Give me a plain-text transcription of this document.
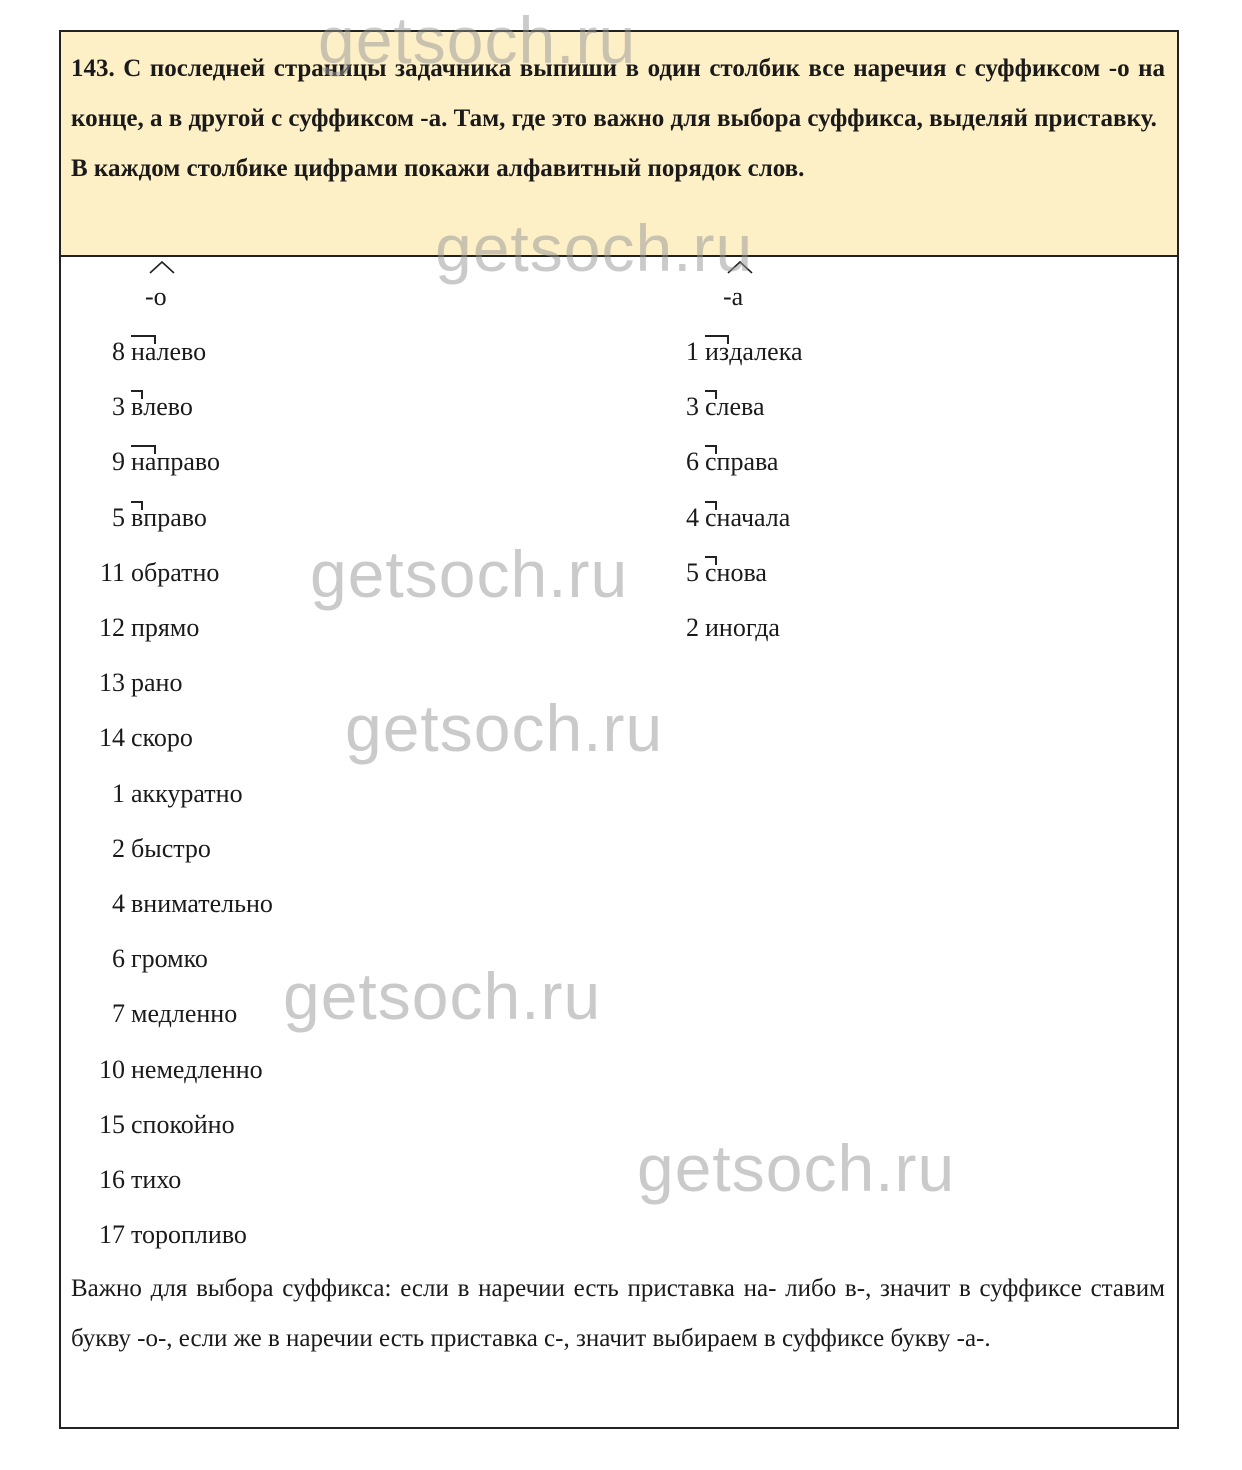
143. С последней страницы задачника выпиши в один столбик все наречия с суффиксом -о на конце, а в другой с суффиксом -а. Там, где это важно для выбора суффикса, выделяй приставку.

В каждом столбике цифрами покажи алфавитный порядок слов.

-о	-а
8 налево
3 влево
9 направо
5 вправо
11 обратно
12 прямо
13 рано
14 скоро
1 аккуратно
2 быстро
4 внимательно
6 громко
7 медленно
10 немедленно
15 спокойно
16 тихо
17 торопливо
1 издалека
3 слева
6 справа
4 сначала
5 снова
2 иногда

Важно для выбора суффикса: если в наречии есть приставка на- либо в-, значит в суффиксе ставим букву -о-, если же в наречии есть приставка с-, значит выбираем в суффиксе букву -а-.

getsoch.ru
getsoch.ru
getsoch.ru
getsoch.ru
getsoch.ru
getsoch.ru
